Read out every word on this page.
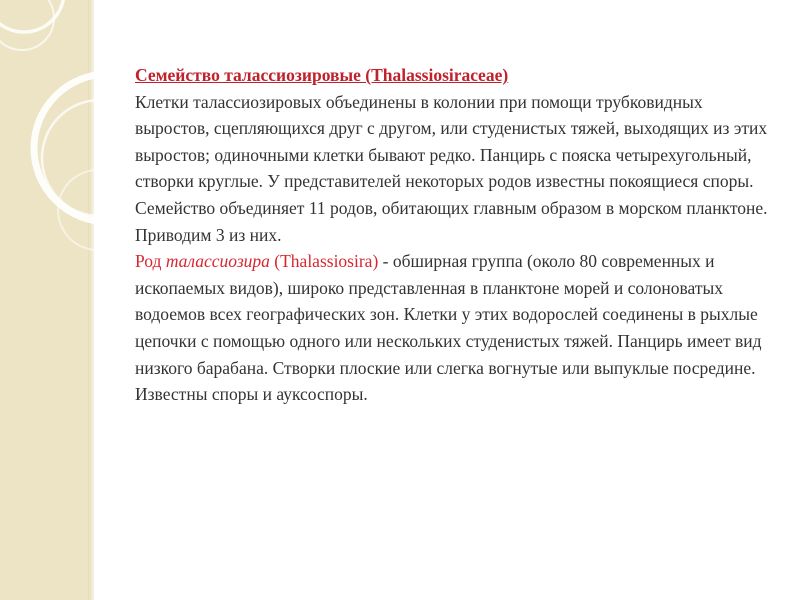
Семейство талассиозировые (Thalassiosiraceae)
Клетки талассиозировых объединены в колонии при помощи трубковидных выростов, сцепляющихся друг с другом, или студенистых тяжей, выходящих из этих выростов; одиночными клетки бывают редко. Панцирь с пояска четырехугольный, створки круглые. У представителей некоторых родов известны покоящиеся споры. Семейство объединяет 11 родов, обитающих главным образом в морском планктоне. Приводим 3 из них.

Род талассиозира (Thalassiosira) - обширная группа (около 80 современных и ископаемых видов), широко представленная в планктоне морей и солоноватых водоемов всех географических зон. Клетки у этих водорослей соединены в рыхлые цепочки с помощью одного или нескольких студенистых тяжей. Панцирь имеет вид низкого барабана. Створки плоские или слегка вогнутые или выпуклые посредине. Известны споры и ауксоспоры.
